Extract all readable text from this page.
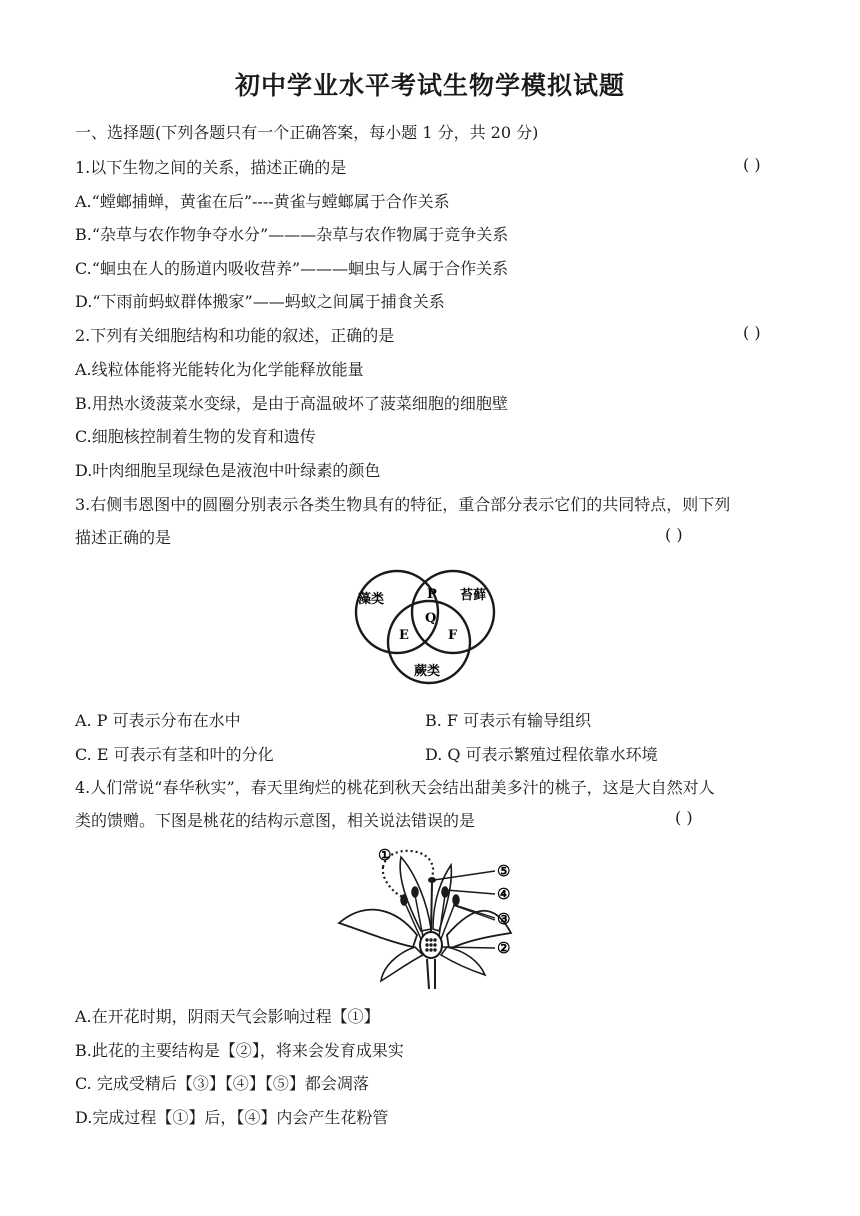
初中学业水平考试生物学模拟试题
一、选择题(下列各题只有一个正确答案，每小题 1 分，共 20 分)
1.以下生物之间的关系，描述正确的是	( )
A.“螳螂捕蝉，黄雀在后”----黄雀与螳螂属于合作关系
B.“杂草与农作物争夺水分”———杂草与农作物属于竞争关系
C.“蛔虫在人的肠道内吸收营养”———蛔虫与人属于合作关系
D.“下雨前蚂蚁群体搬家”——蚂蚁之间属于捕食关系
2.下列有关细胞结构和功能的叙述，正确的是	( )
A.线粒体能将光能转化为化学能释放能量
B.用热水烫菠菜水变绿，是由于高温破坏了菠菜细胞的细胞壁
C.细胞核控制着生物的发育和遗传
D.叶肉细胞呈现绿色是液泡中叶绿素的颜色
3.右侧韦恩图中的圆圈分别表示各类生物具有的特征，重合部分表示它们的共同特点，则下列
描述正确的是	( )
藻类	苔藓
蕨类
P
Q
E	F
A. P 可表示分布在水中	B. F 可表示有输导组织
C. E 可表示有茎和叶的分化	D. Q 可表示繁殖过程依靠水环境
4.人们常说“春华秋实”，春天里绚烂的桃花到秋天会结出甜美多汁的桃子，这是大自然对人
类的馈赠。下图是桃花的结构示意图，相关说法错误的是	( )
①
⑤
④
③
②
A.在开花时期，阴雨天气会影响过程【①】
B.此花的主要结构是【②】，将来会发育成果实
C. 完成受精后【③】【④】【⑤】都会凋落
D.完成过程【①】后，【④】内会产生花粉管
